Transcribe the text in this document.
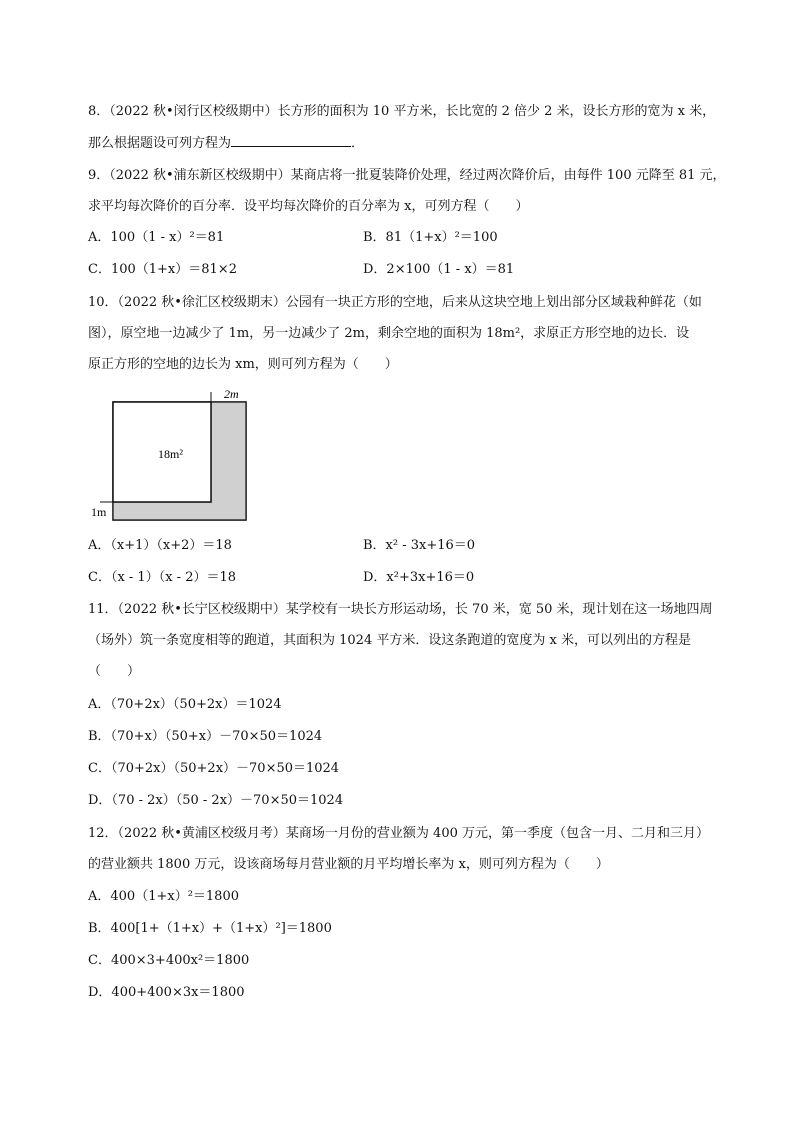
8．（2022 秋•闵行区校级期中）长方形的面积为 10 平方米，长比宽的 2 倍少 2 米，设长方形的宽为 x 米，
那么根据题设可列方程为	．
9．（2022 秋•浦东新区校级期中）某商店将一批夏装降价处理，经过两次降价后，由每件 100 元降至 81 元，
求平均每次降价的百分率．设平均每次降价的百分率为 x，可列方程（　　）
A．100（1 - x）²＝81	B．81（1+x）²＝100
C．100（1+x）＝81×2	D．2×100（1 - x）＝81
10．（2022 秋•徐汇区校级期末）公园有一块正方形的空地，后来从这块空地上划出部分区域栽种鲜花（如
图），原空地一边减少了 1m，另一边减少了 2m，剩余空地的面积为 18m²，求原正方形空地的边长．设
原正方形的空地的边长为 xm，则可列方程为（　　）
2m
18m²
1m
A．（x+1）（x+2）＝18	B．x² - 3x+16＝0
C．（x - 1）（x - 2）＝18	D．x²+3x+16＝0
11．（2022 秋•长宁区校级期中）某学校有一块长方形运动场，长 70 米，宽 50 米，现计划在这一场地四周
（场外）筑一条宽度相等的跑道，其面积为 1024 平方米．设这条跑道的宽度为 x 米，可以列出的方程是
（　　）
A．（70+2x）（50+2x）＝1024
B．（70+x）（50+x）－70×50＝1024
C．（70+2x）（50+2x）－70×50＝1024
D．（70 - 2x）（50 - 2x）－70×50＝1024
12．（2022 秋•黄浦区校级月考）某商场一月份的营业额为 400 万元，第一季度（包含一月、二月和三月）
的营业额共 1800 万元，设该商场每月营业额的月平均增长率为 x，则可列方程为（　　）
A．400（1+x）²＝1800
B．400[1+（1+x）+（1+x）²]＝1800
C．400×3+400x²＝1800
D．400+400×3x＝1800
